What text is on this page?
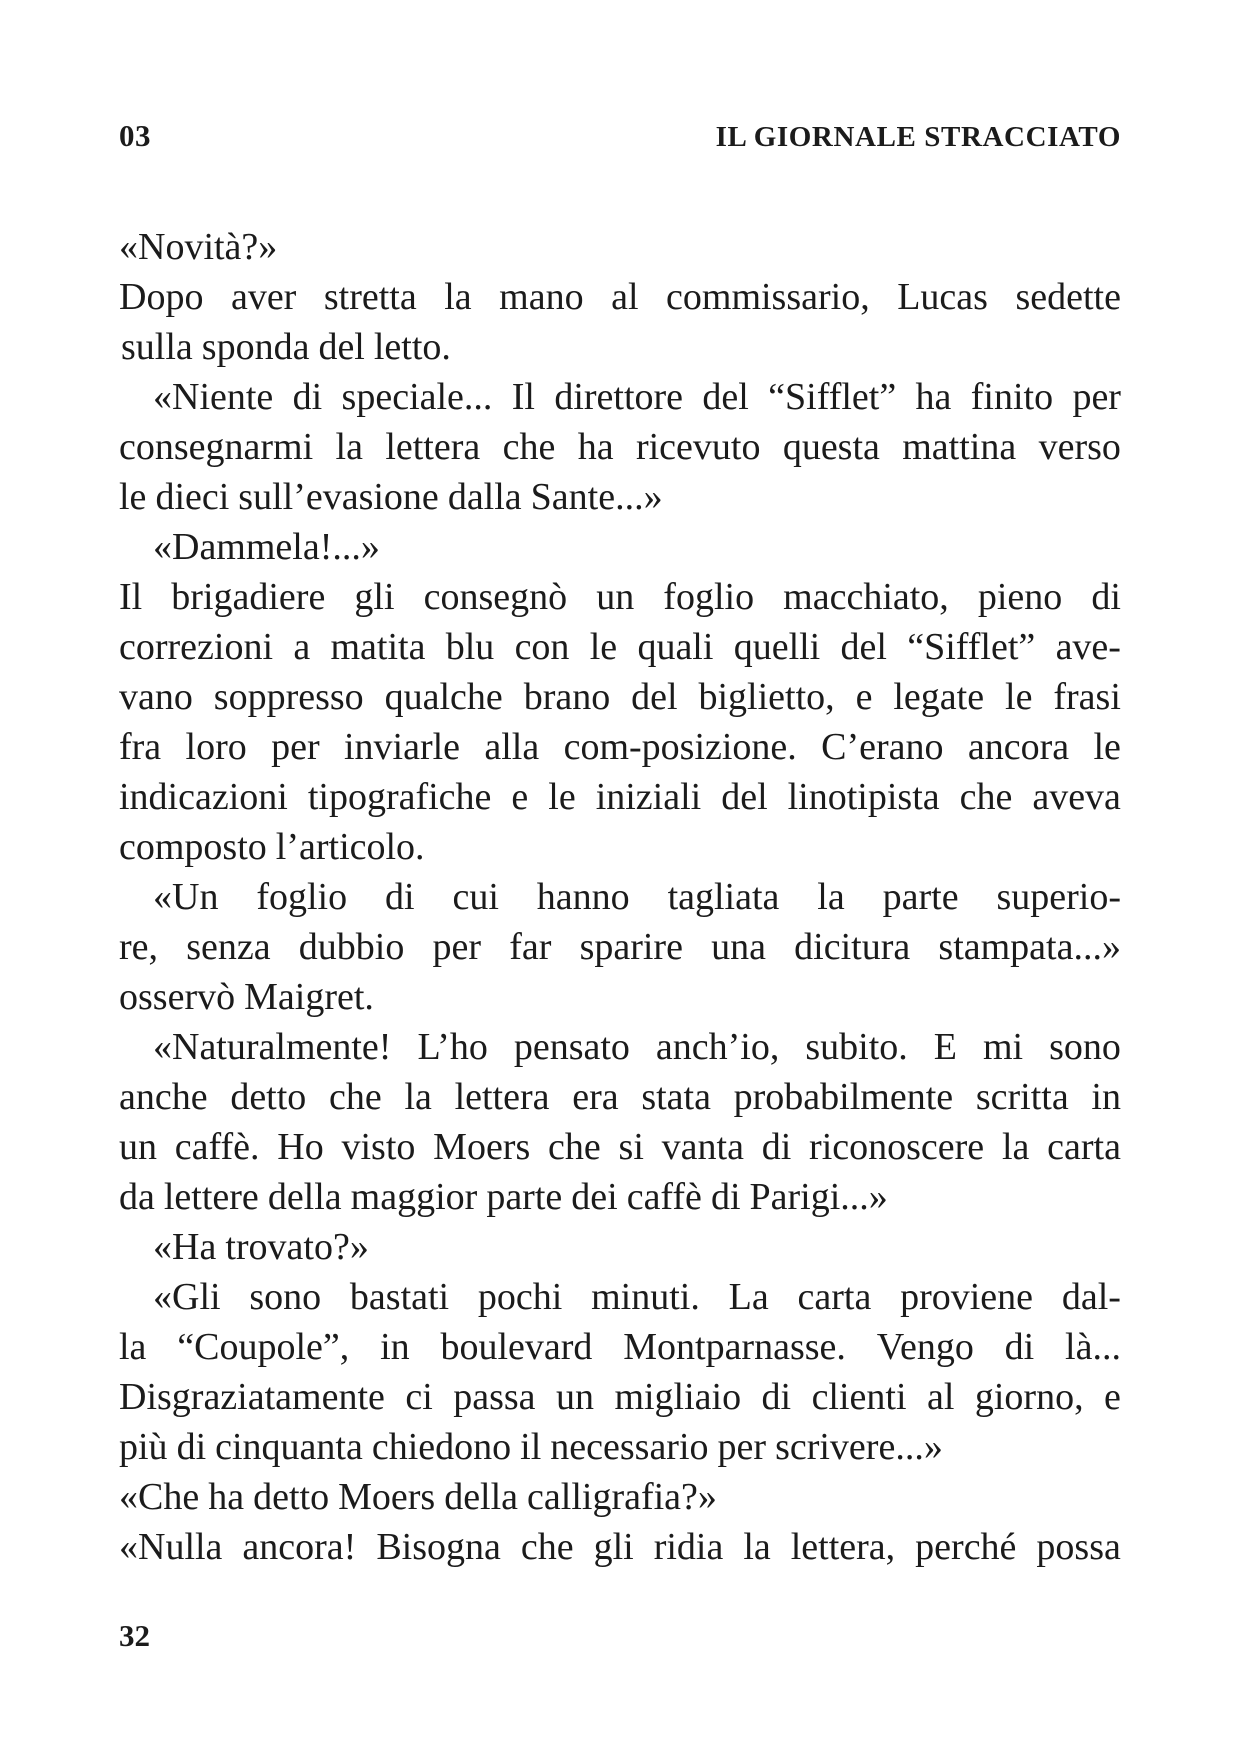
03	IL GIORNALE STRACCIATO
«Novità?»
Dopo aver stretta la mano al commissario, Lucas sedette
sulla sponda del letto.
«Niente di speciale... Il direttore del “Sifflet” ha finito per
consegnarmi la lettera che ha ricevuto questa mattina verso
le dieci sull’evasione dalla Sante...»
«Dammela!...»
Il brigadiere gli consegnò un foglio macchiato, pieno di
correzioni a matita blu con le quali quelli del “Sifflet” ave-
vano soppresso qualche brano del biglietto, e legate le frasi
fra loro per inviarle alla com-posizione. C’erano ancora le
indicazioni tipografiche e le iniziali del linotipista che aveva
composto l’articolo.
«Un foglio di cui hanno tagliata la parte superio-
re, senza dubbio per far sparire una dicitura stampata...»
osservò Maigret.
«Naturalmente! L’ho pensato anch’io, subito. E mi sono
anche detto che la lettera era stata probabilmente scritta in
un caffè. Ho visto Moers che si vanta di riconoscere la carta
da lettere della maggior parte dei caffè di Parigi...»
«Ha trovato?»
«Gli sono bastati pochi minuti. La carta proviene dal-
la “Coupole”, in boulevard Montparnasse. Vengo di là...
Disgraziatamente ci passa un migliaio di clienti al giorno, e
più di cinquanta chiedono il necessario per scrivere...»
«Che ha detto Moers della calligrafia?»
«Nulla ancora! Bisogna che gli ridia la lettera, perché possa
32
